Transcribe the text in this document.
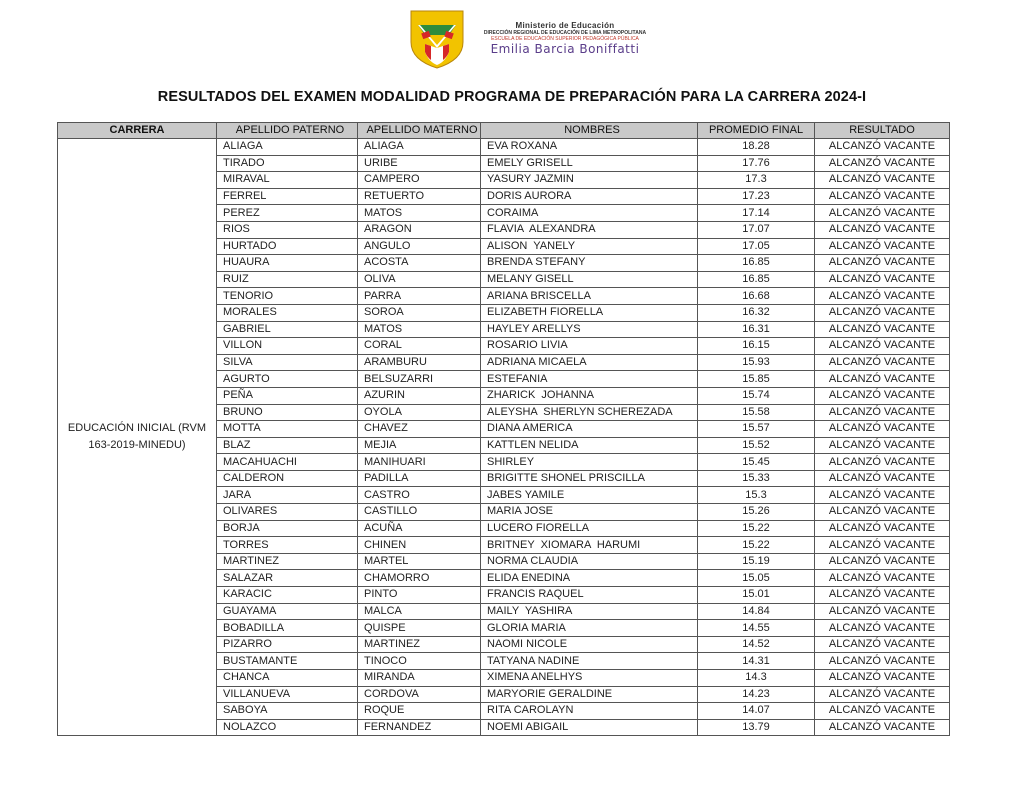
Ministerio de Educación
DIRECCIÓN REGIONAL DE EDUCACIÓN DE LIMA METROPOLITANA
ESCUELA DE EDUCACIÓN SUPERIOR PEDAGÓGICA PÚBLICA
Emilia Barcia Boniffatti
RESULTADOS DEL EXAMEN MODALIDAD PROGRAMA DE PREPARACIÓN PARA LA CARRERA 2024-I
CARRERA	APELLIDO PATERNO	APELLIDO MATERNO	NOMBRES	PROMEDIO FINAL	RESULTADO
EDUCACIÓN INICIAL (RVM 163-2019-MINEDU)	ALIAGA	ALIAGA	EVA ROXANA	18.28	ALCANZÓ VACANTE
	TIRADO	URIBE	EMELY GRISELL	17.76	ALCANZÓ VACANTE
	MIRAVAL	CAMPERO	YASURY JAZMIN	17.3	ALCANZÓ VACANTE
	FERREL	RETUERTO	DORIS AURORA	17.23	ALCANZÓ VACANTE
	PEREZ	MATOS	CORAIMA	17.14	ALCANZÓ VACANTE
	RIOS	ARAGON	FLAVIA  ALEXANDRA	17.07	ALCANZÓ VACANTE
	HURTADO	ANGULO	ALISON  YANELY	17.05	ALCANZÓ VACANTE
	HUAURA	ACOSTA	BRENDA STEFANY	16.85	ALCANZÓ VACANTE
	RUIZ	OLIVA	MELANY GISELL	16.85	ALCANZÓ VACANTE
	TENORIO	PARRA	ARIANA BRISCELLA	16.68	ALCANZÓ VACANTE
	MORALES	SOROA	ELIZABETH FIORELLA	16.32	ALCANZÓ VACANTE
	GABRIEL	MATOS	HAYLEY ARELLYS	16.31	ALCANZÓ VACANTE
	VILLON	CORAL	ROSARIO LIVIA	16.15	ALCANZÓ VACANTE
	SILVA	ARAMBURU	ADRIANA MICAELA	15.93	ALCANZÓ VACANTE
	AGURTO	BELSUZARRI	ESTEFANIA	15.85	ALCANZÓ VACANTE
	PEÑA	AZURIN	ZHARICK  JOHANNA	15.74	ALCANZÓ VACANTE
	BRUNO	OYOLA	ALEYSHA  SHERLYN SCHEREZADA	15.58	ALCANZÓ VACANTE
	MOTTA	CHAVEZ	DIANA AMERICA	15.57	ALCANZÓ VACANTE
	BLAZ	MEJIA	KATTLEN NELIDA	15.52	ALCANZÓ VACANTE
	MACAHUACHI	MANIHUARI	SHIRLEY	15.45	ALCANZÓ VACANTE
	CALDERON	PADILLA	BRIGITTE SHONEL PRISCILLA	15.33	ALCANZÓ VACANTE
	JARA	CASTRO	JABES YAMILE	15.3	ALCANZÓ VACANTE
	OLIVARES	CASTILLO	MARIA JOSE	15.26	ALCANZÓ VACANTE
	BORJA	ACUÑA	LUCERO FIORELLA	15.22	ALCANZÓ VACANTE
	TORRES	CHINEN	BRITNEY  XIOMARA  HARUMI	15.22	ALCANZÓ VACANTE
	MARTINEZ	MARTEL	NORMA CLAUDIA	15.19	ALCANZÓ VACANTE
	SALAZAR	CHAMORRO	ELIDA ENEDINA	15.05	ALCANZÓ VACANTE
	KARACIC	PINTO	FRANCIS RAQUEL	15.01	ALCANZÓ VACANTE
	GUAYAMA	MALCA	MAILY  YASHIRA	14.84	ALCANZÓ VACANTE
	BOBADILLA	QUISPE	GLORIA MARIA	14.55	ALCANZÓ VACANTE
	PIZARRO	MARTINEZ	NAOMI NICOLE	14.52	ALCANZÓ VACANTE
	BUSTAMANTE	TINOCO	TATYANA NADINE	14.31	ALCANZÓ VACANTE
	CHANCA	MIRANDA	XIMENA ANELHYS	14.3	ALCANZÓ VACANTE
	VILLANUEVA	CORDOVA	MARYORIE GERALDINE	14.23	ALCANZÓ VACANTE
	SABOYA	ROQUE	RITA CAROLAYN	14.07	ALCANZÓ VACANTE
	NOLAZCO	FERNANDEZ	NOEMI ABIGAIL	13.79	ALCANZÓ VACANTE
